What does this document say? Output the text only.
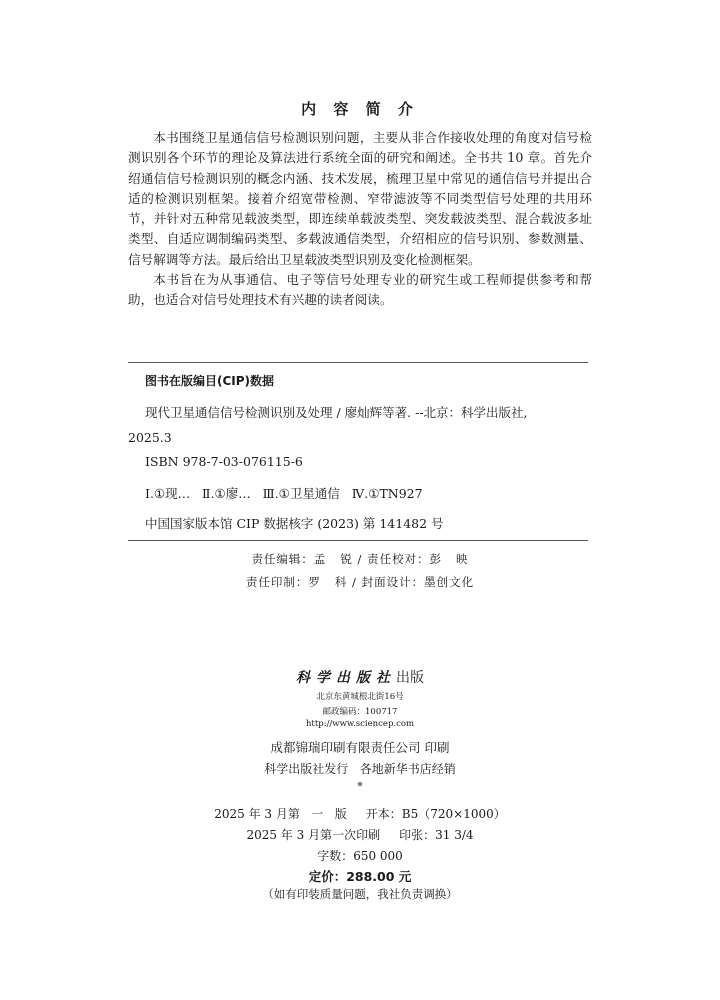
内 容 简 介

本书围绕卫星通信信号检测识别问题，主要从非合作接收处理的角度对信号检测识别各个环节的理论及算法进行系统全面的研究和阐述。全书共 10 章。首先介绍通信信号检测识别的概念内涵、技术发展，梳理卫星中常见的通信信号并提出合适的检测识别框架。接着介绍宽带检测、窄带滤波等不同类型信号处理的共用环节，并针对五种常见载波类型，即连续单载波类型、突发载波类型、混合载波多址类型、自适应调制编码类型、多载波通信类型，介绍相应的信号识别、参数测量、信号解调等方法。最后给出卫星载波类型识别及变化检测框架。

本书旨在为从事通信、电子等信号处理专业的研究生或工程师提供参考和帮助，也适合对信号处理技术有兴趣的读者阅读。

图书在版编目(CIP)数据
现代卫星通信信号检测识别及处理 / 廖灿辉等著. --北京：科学出版社,
2025.3
ISBN 978-7-03-076115-6
Ⅰ.①现…   Ⅱ.①廖…   Ⅲ.①卫星通信   Ⅳ.①TN927
中国国家版本馆 CIP 数据核字 (2023) 第 141482 号
责任编辑：孟   锐 / 责任校对：彭   映
责任印制：罗   科 / 封面设计：墨创文化
科学出版社出版
北京东黄城根北街16号
邮政编码：100717
http://www.sciencep.com
成都锦瑞印刷有限责任公司 印刷
科学出版社发行   各地新华书店经销
*
2025 年 3 月第   一   版     开本：B5（720×1000）
2025 年 3 月第一次印刷     印张：31 3/4
字数：650 000
定价：288.00 元
（如有印装质量问题，我社负责调换）
